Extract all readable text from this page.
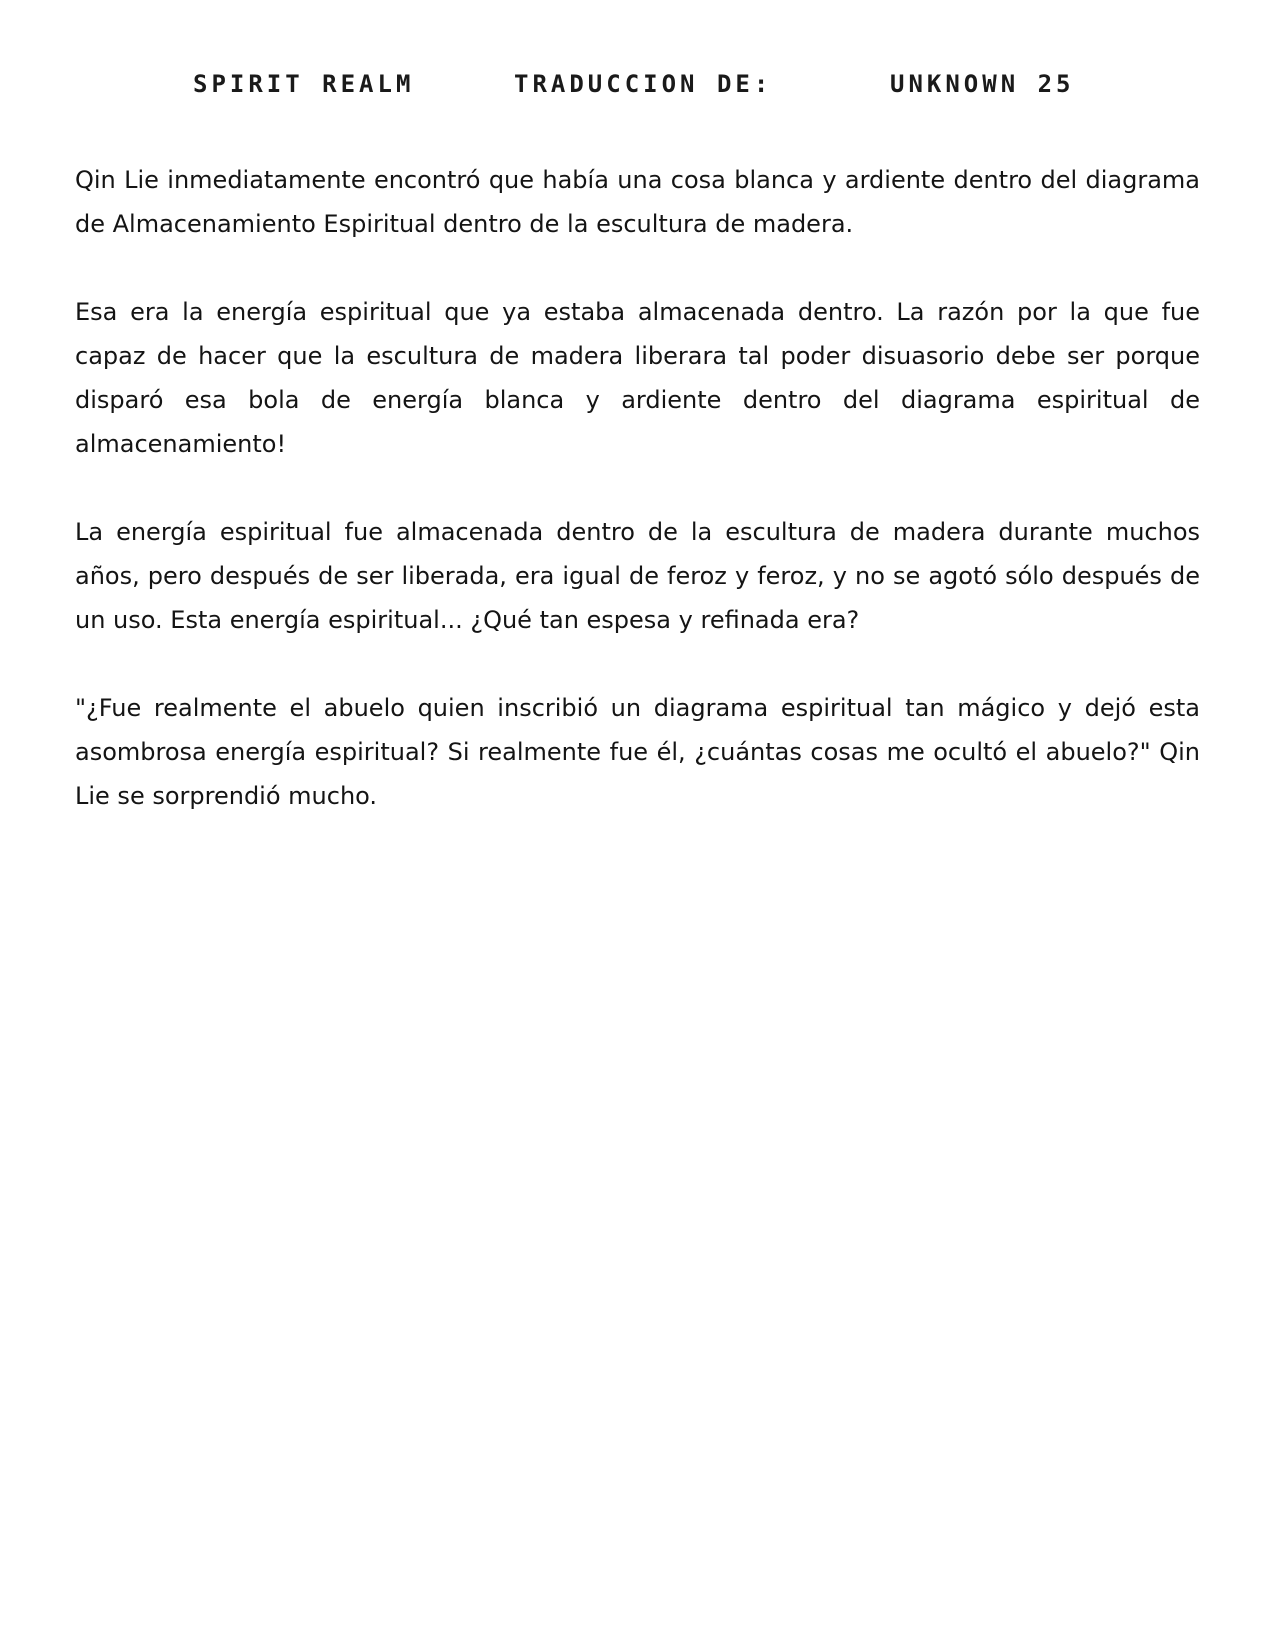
SPIRIT REALM	TRADUCCION DE:	UNKNOWN 25

Qin Lie inmediatamente encontró que había una cosa blanca y ardiente dentro del diagrama de Almacenamiento Espiritual dentro de la escultura de madera.

Esa era la energía espiritual que ya estaba almacenada dentro. La razón por la que fue capaz de hacer que la escultura de madera liberara tal poder disuasorio debe ser porque disparó esa bola de energía blanca y ardiente dentro del diagrama espiritual de almacenamiento!

La energía espiritual fue almacenada dentro de la escultura de madera durante muchos años, pero después de ser liberada, era igual de feroz y feroz, y no se agotó sólo después de un uso. Esta energía espiritual... ¿Qué tan espesa y refinada era?

"¿Fue realmente el abuelo quien inscribió un diagrama espiritual tan mágico y dejó esta asombrosa energía espiritual? Si realmente fue él, ¿cuántas cosas me ocultó el abuelo?" Qin Lie se sorprendió mucho.
